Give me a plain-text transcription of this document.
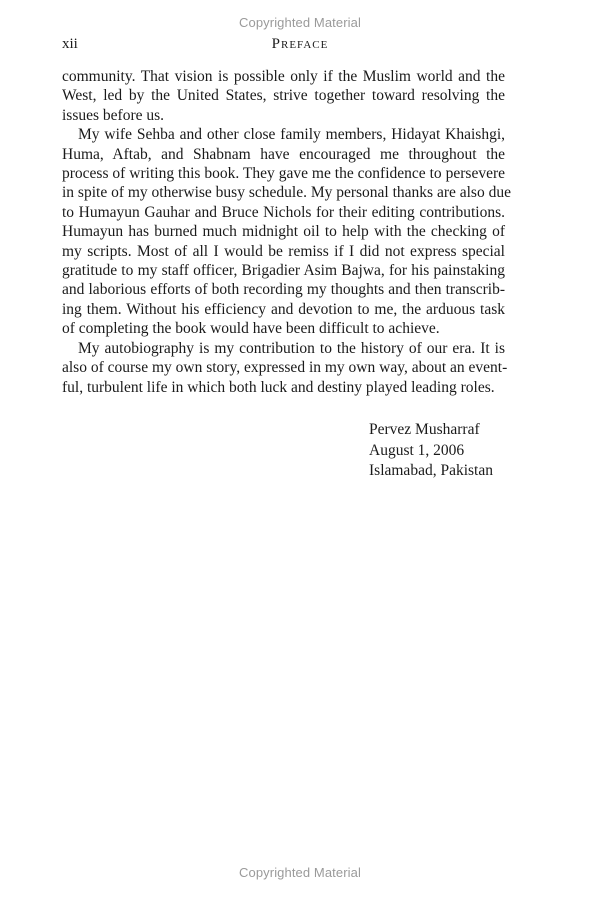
Copyrighted Material
xii	Preface
community. That vision is possible only if the Muslim world and the
West, led by the United States, strive together toward resolving the
issues before us.
My wife Sehba and other close family members, Hidayat Khaishgi,
Huma, Aftab, and Shabnam have encouraged me throughout the
process of writing this book. They gave me the confidence to persevere
in spite of my otherwise busy schedule. My personal thanks are also due
to Humayun Gauhar and Bruce Nichols for their editing contributions.
Humayun has burned much midnight oil to help with the checking of
my scripts. Most of all I would be remiss if I did not express special
gratitude to my staff officer, Brigadier Asim Bajwa, for his painstaking
and laborious efforts of both recording my thoughts and then transcrib-
ing them. Without his efficiency and devotion to me, the arduous task
of completing the book would have been difficult to achieve.
My autobiography is my contribution to the history of our era. It is
also of course my own story, expressed in my own way, about an event-
ful, turbulent life in which both luck and destiny played leading roles.
Pervez Musharraf
August 1, 2006
Islamabad, Pakistan
Copyrighted Material
